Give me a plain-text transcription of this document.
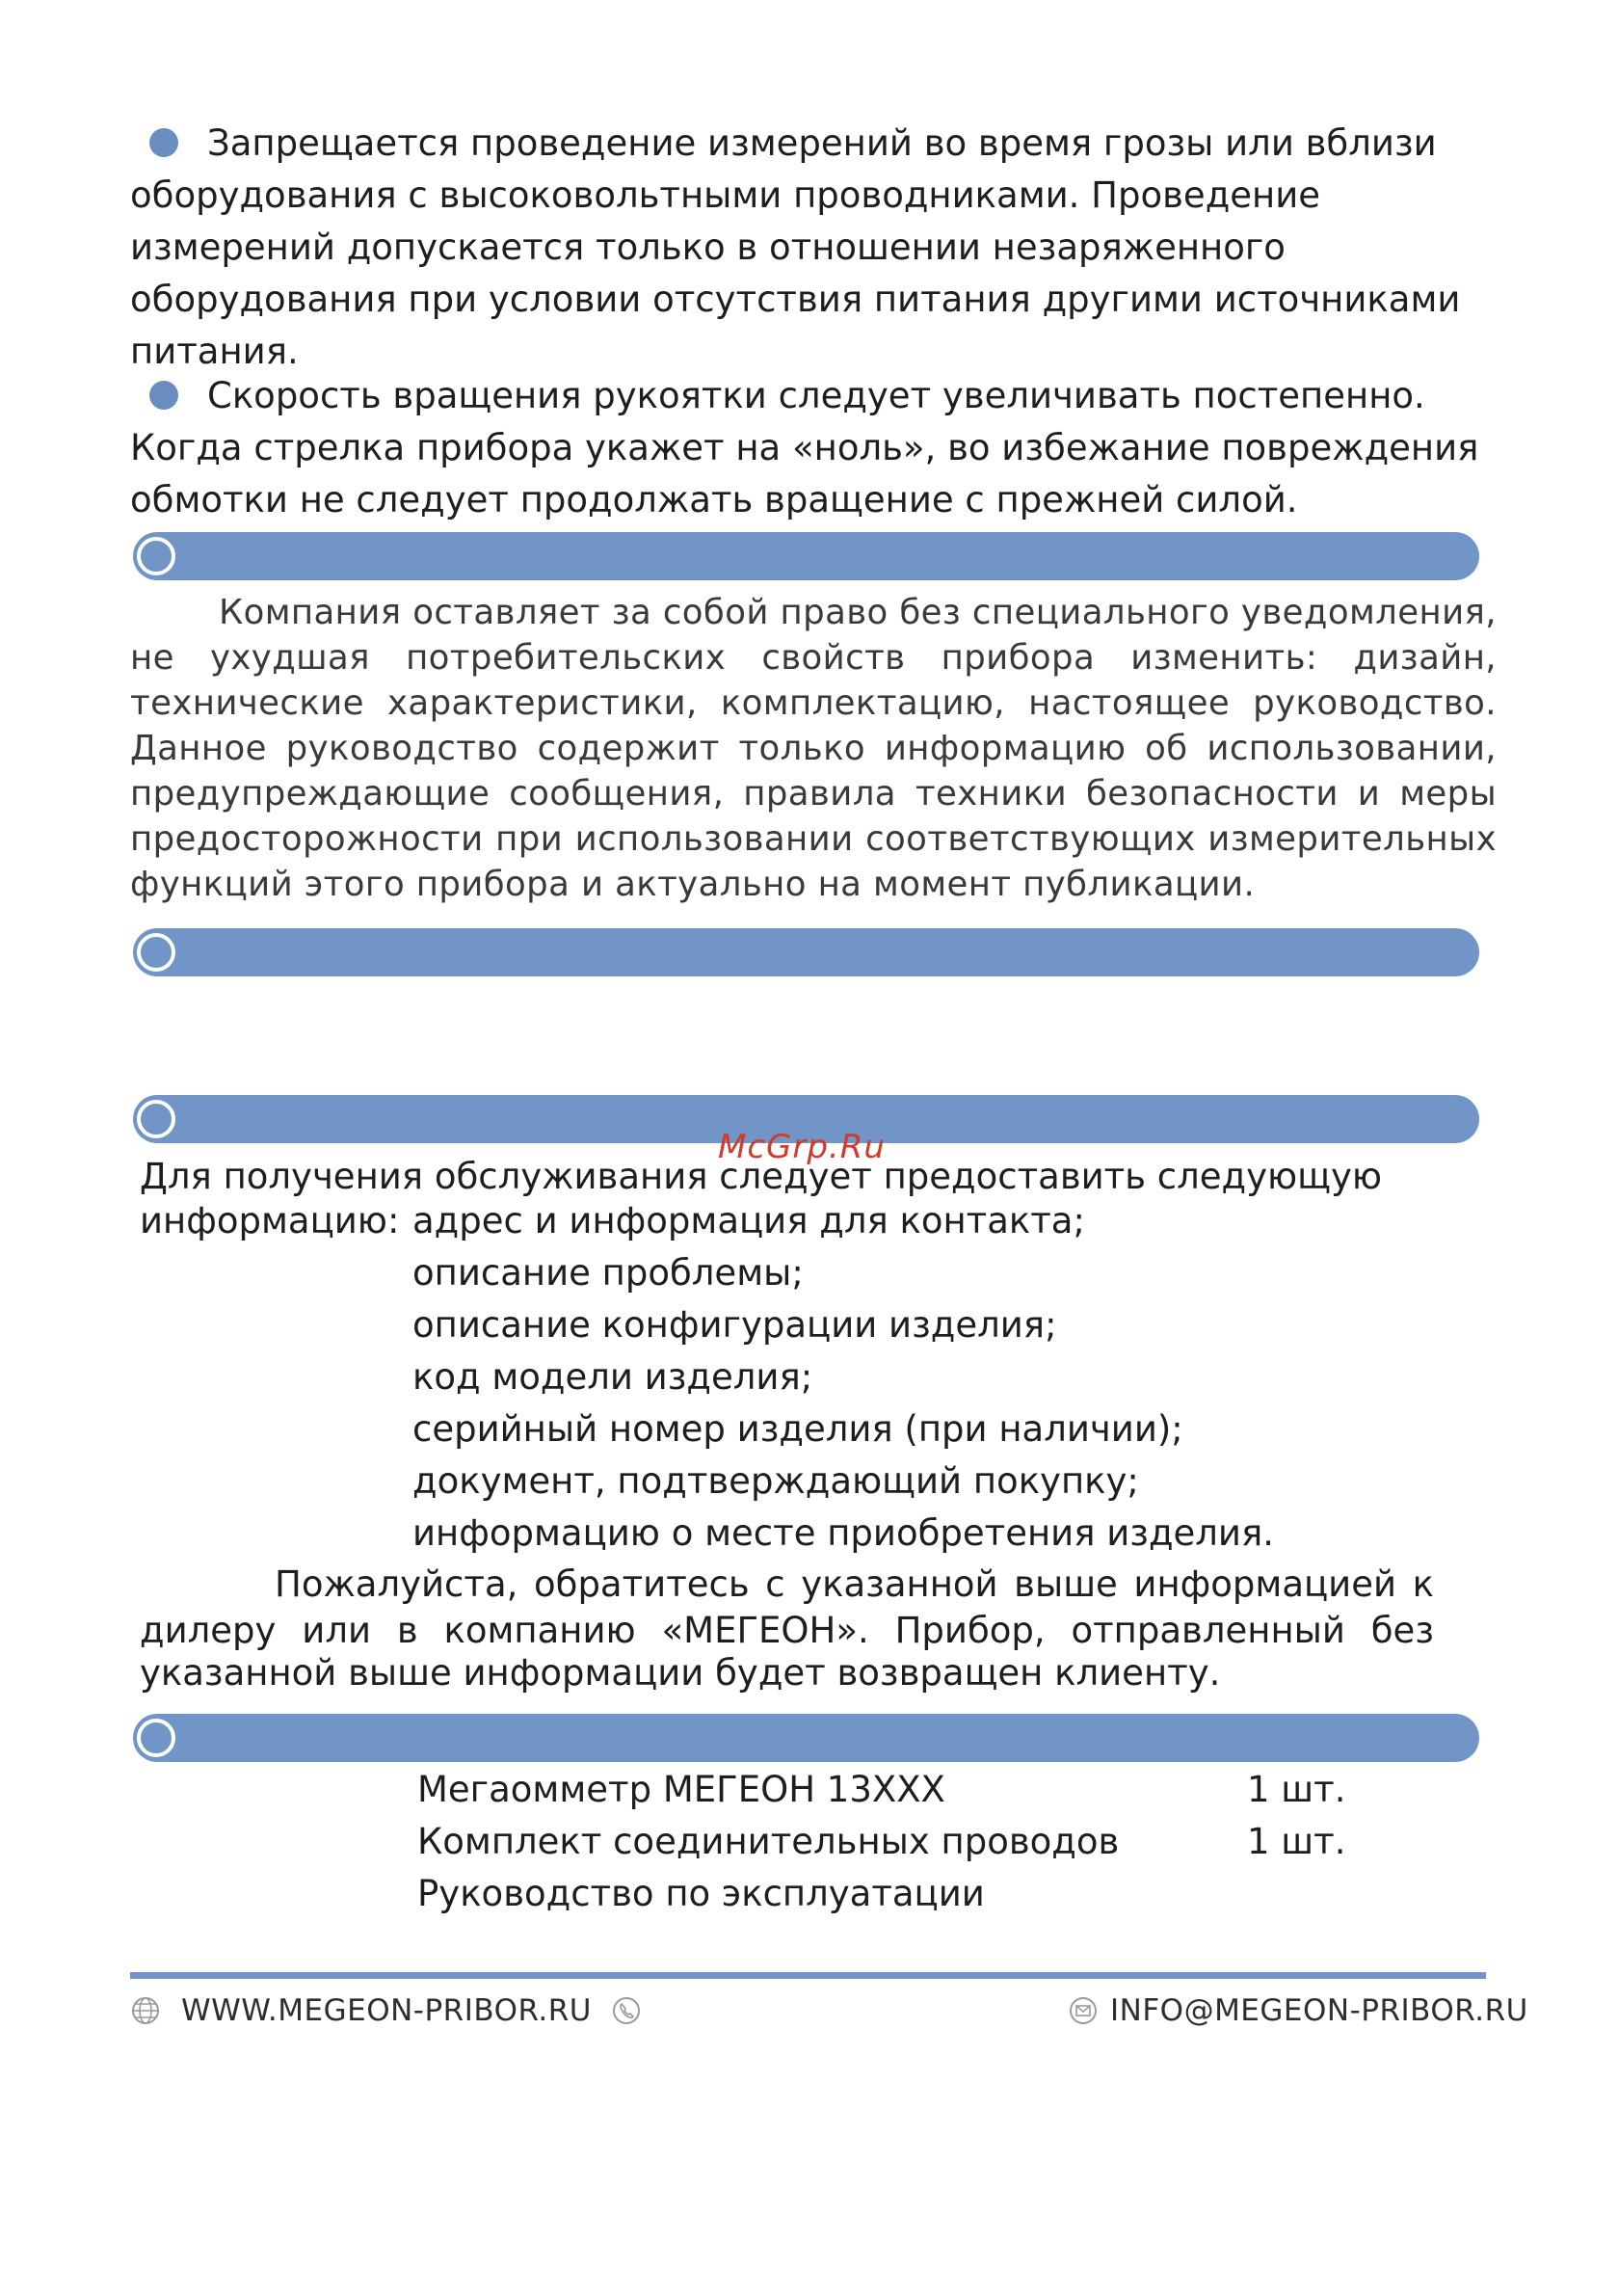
Запрещается проведение измерений во время грозы или вблизи
оборудования с высоковольтными проводниками. Проведение
измерений допускается только в отношении незаряженного
оборудования при условии отсутствия питания другими источниками
питания.
Скорость вращения рукоятки следует увеличивать постепенно.
Когда стрелка прибора укажет на «ноль», во избежание повреждения
обмотки не следует продолжать вращение с прежней силой.

Компания оставляет за собой право без специального уведомления,

не ухудшая потребительских свойств прибора изменить: дизайн,

технические характеристики, комплектацию, настоящее руководство.

Данное руководство содержит только информацию об использовании,

предупреждающие сообщения, правила техники безопасности и меры

предосторожности при использовании соответствующих измерительных

функций этого прибора и актуально на момент публикации.

McGrp.Ru
Для получения обслуживания следует предоставить следующую
информацию: адрес и информация для контакта;
описание проблемы;
описание конфигурации изделия;
код модели изделия;
серийный номер изделия (при наличии);
документ, подтверждающий покупку;
информацию о месте приобретения изделия.
Пожалуйста, обратитесь с указанной выше информацией к
дилеру или в компанию «МЕГЕОН». Прибор, отправленный без
указанной выше информации будет возвращен клиенту.
Мегаомметр МЕГЕОН 13ХХХ	1 шт.
Комплект соединительных проводов	1 шт.
Руководство по эксплуатации
WWW.MEGEON-PRIBOR.RU	INFO@MEGEON-PRIBOR.RU
